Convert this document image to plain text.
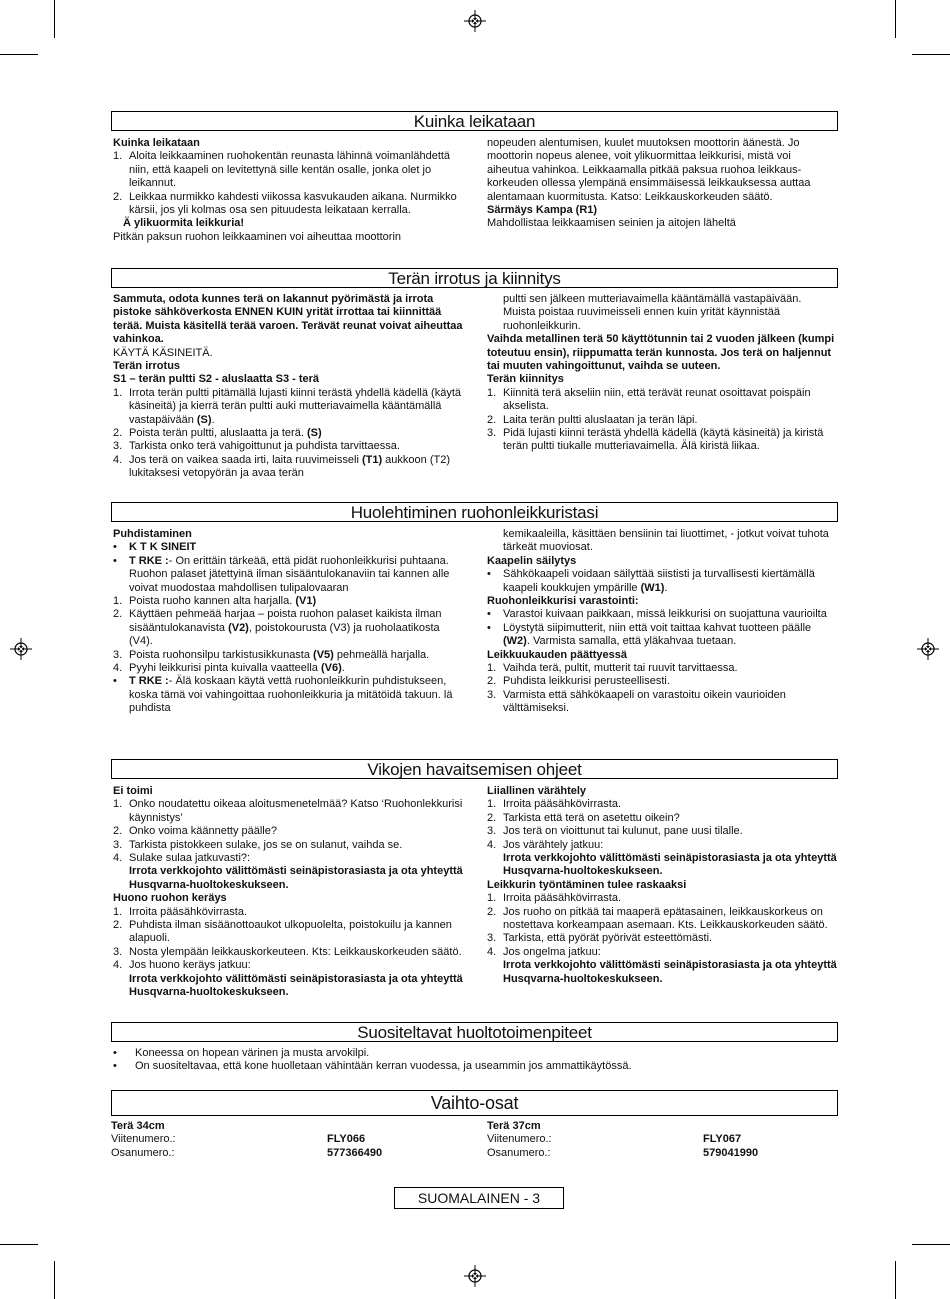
Kuinka leikataan

Kuinka leikataan

1. Aloita leikkaaminen ruohokentän reunasta lähinnä voimanlähdettä niin, että kaapeli on levitettynä sille kentän osalle, jonka olet jo leikannut.
2. Leikkaa nurmikko kahdesti viikossa kasvukauden aikana. Nurmikko kärsii, jos yli kolmas osa sen pituudesta leikataan kerralla.

Ä ylikuormita leikkuria!

Pitkän paksun ruohon leikkaaminen voi aiheuttaa moottorin

nopeuden alentumisen, kuulet muutoksen moottorin äänestä. Jo moottorin nopeus alenee, voit ylikuormittaa leikkurisi, mistä voi aiheutua vahinkoa. Leikkaamalla pitkää paksua ruohoa leikkaus-korkeuden ollessa ylempänä ensimmäisessä leikkauksessa auttaa alentamaan kuormitusta. Katso: Leikkauskorkeuden säätö.

Särmäys Kampa (R1)

Mahdollistaa leikkaamisen seinien ja aitojen läheltä

Terän irrotus ja kiinnitys

Sammuta, odota kunnes terä on lakannut pyörimästä ja irrota pistoke sähköverkosta ENNEN KUIN yrität irrottaa tai kiinnittää terää. Muista käsitellä terää varoen. Terävät reunat voivat aiheuttaa vahinkoa.

KÄYTÄ KÄSINEITÄ.

Terän irrotus

S1 – terän pultti S2 - aluslaatta S3 - terä

1. Irrota terän pultti pitämällä lujasti kiinni terästä yhdellä kädellä (käytä käsineitä) ja kierrä terän pultti auki mutteriavaimella kääntämällä vastapäivään (S).
2. Poista terän pultti, aluslaatta ja terä. (S)
3. Tarkista onko terä vahigoittunut ja puhdista tarvittaessa.
4. Jos terä on vaikea saada irti, laita ruuvimeisseli (T1) aukkoon (T2) lukitaksesi vetopyörän ja avaa terän

pultti sen jälkeen mutteriavaimella kääntämällä vastapäivään. Muista poistaa ruuvimeisseli ennen kuin yrität käynnistää ruohonleikkurin.

Vaihda metallinen terä 50 käyttötunnin tai 2 vuoden jälkeen (kumpi toteutuu ensin), riippumatta terän kunnosta. Jos terä on haljennut tai muuten vahingoittunut, vaihda se uuteen.

Terän kiinnitys

1. Kiinnitä terä akseliin niin, että terävät reunat osoittavat poispäin akselista.
2. Laita terän pultti aluslaatan ja terän läpi.
3. Pidä lujasti kiinni terästä yhdellä kädellä (käytä käsineitä) ja kiristä terän pultti tiukalle mutteriavaimella. Älä kiristä liikaa.
Huolehtiminen ruohonleikkuristasi

Puhdistaminen

• K T K SINEIT
• T RKE :- On erittäin tärkeää, että pidät ruohonleikkurisi puhtaana. Ruohon palaset jätettyinä ilman sisääntulokanaviin tai kannen alle voivat muodostaa mahdollisen tulipalovaaran
1. Poista ruoho kannen alta harjalla. (V1)
2. Käyttäen pehmeää harjaa – poista ruohon palaset kaikista ilman sisääntulokanavista (V2), poistokourusta (V3) ja ruoholaatikosta (V4).
3. Poista ruohonsilpu tarkistusikkunasta (V5) pehmeällä harjalla.
4. Pyyhi leikkurisi pinta kuivalla vaatteella (V6).
• T RKE :- Älä koskaan käytä vettä ruohonleikkurin puhdistukseen, koska tämä voi vahingoittaa ruohonleikkuria ja mitätöidä takuun. lä puhdista

kemikaaleilla, käsittäen bensiinin tai liuottimet, - jotkut voivat tuhota tärkeät muoviosat.

Kaapelin säilytys

• Sähkökaapeli voidaan säilyttää siististi ja turvallisesti kiertämällä kaapeli koukkujen ympärille (W1).

Ruohonleikkurisi varastointi:

• Varastoi kuivaan paikkaan, missä leikkurisi on suojattuna vaurioilta
• Löystytä siipimutterit, niin että voit taittaa kahvat tuotteen päälle (W2). Varmista samalla, että yläkahvaa tuetaan.

Leikkuukauden päättyessä

1. Vaihda terä, pultit, mutterit tai ruuvit tarvittaessa.
2. Puhdista leikkurisi perusteellisesti.
3. Varmista että sähkökaapeli on varastoitu oikein vaurioiden välttämiseksi.
Vikojen havaitsemisen ohjeet

Ei toimi

1. Onko noudatettu oikeaa aloitusmenetelmää? Katso ‘Ruohonlekkurisi käynnistys’
2. Onko voima käännetty päälle?
3. Tarkista pistokkeen sulake, jos se on sulanut, vaihda se.
4. Sulake sulaa jatkuvasti?:

Irrota verkkojohto välittömästi seinäpistorasiasta ja ota yhteyttä Husqvarna-huoltokeskukseen.

Huono ruohon keräys

1. Irroita pääsähkövirrasta.
2. Puhdista ilman sisäänottoaukot ulkopuolelta, poistokuilu ja kannen alapuoli.
3. Nosta ylempään leikkauskorkeuteen. Kts: Leikkauskorkeuden säätö.
4. Jos huono keräys jatkuu:

Irrota verkkojohto välittömästi seinäpistorasiasta ja ota yhteyttä Husqvarna-huoltokeskukseen.

Liiallinen värähtely

1. Irroita pääsähkövirrasta.
2. Tarkista että terä on asetettu oikein?
3. Jos terä on vioittunut tai kulunut, pane uusi tilalle.
4. Jos värähtely jatkuu:

Irrota verkkojohto välittömästi seinäpistorasiasta ja ota yhteyttä Husqvarna-huoltokeskukseen.

Leikkurin työntäminen tulee raskaaksi

1. Irroita pääsähkövirrasta.
2. Jos ruoho on pitkää tai maaperä epätasainen, leikkauskorkeus on nostettava korkeampaan asemaan. Kts. Leikkauskorkeuden säätö.
3. Tarkista, että pyörät pyörivät esteettömästi.
4. Jos ongelma jatkuu:

Irrota verkkojohto välittömästi seinäpistorasiasta ja ota yhteyttä Husqvarna-huoltokeskukseen.

Suositeltavat huoltotoimenpiteet
• Koneessa on hopean värinen ja musta arvokilpi.
• On suositeltavaa, että kone huolletaan vähintään kerran vuodessa, ja useammin jos ammattikäytössä.
Vaihto-osat
Terä 34cm
Viitenumero.:	FLY066
Osanumero.:	577366490
Terä 37cm
Viitenumero.:	FLY067
Osanumero.:	579041990
SUOMALAINEN - 3
